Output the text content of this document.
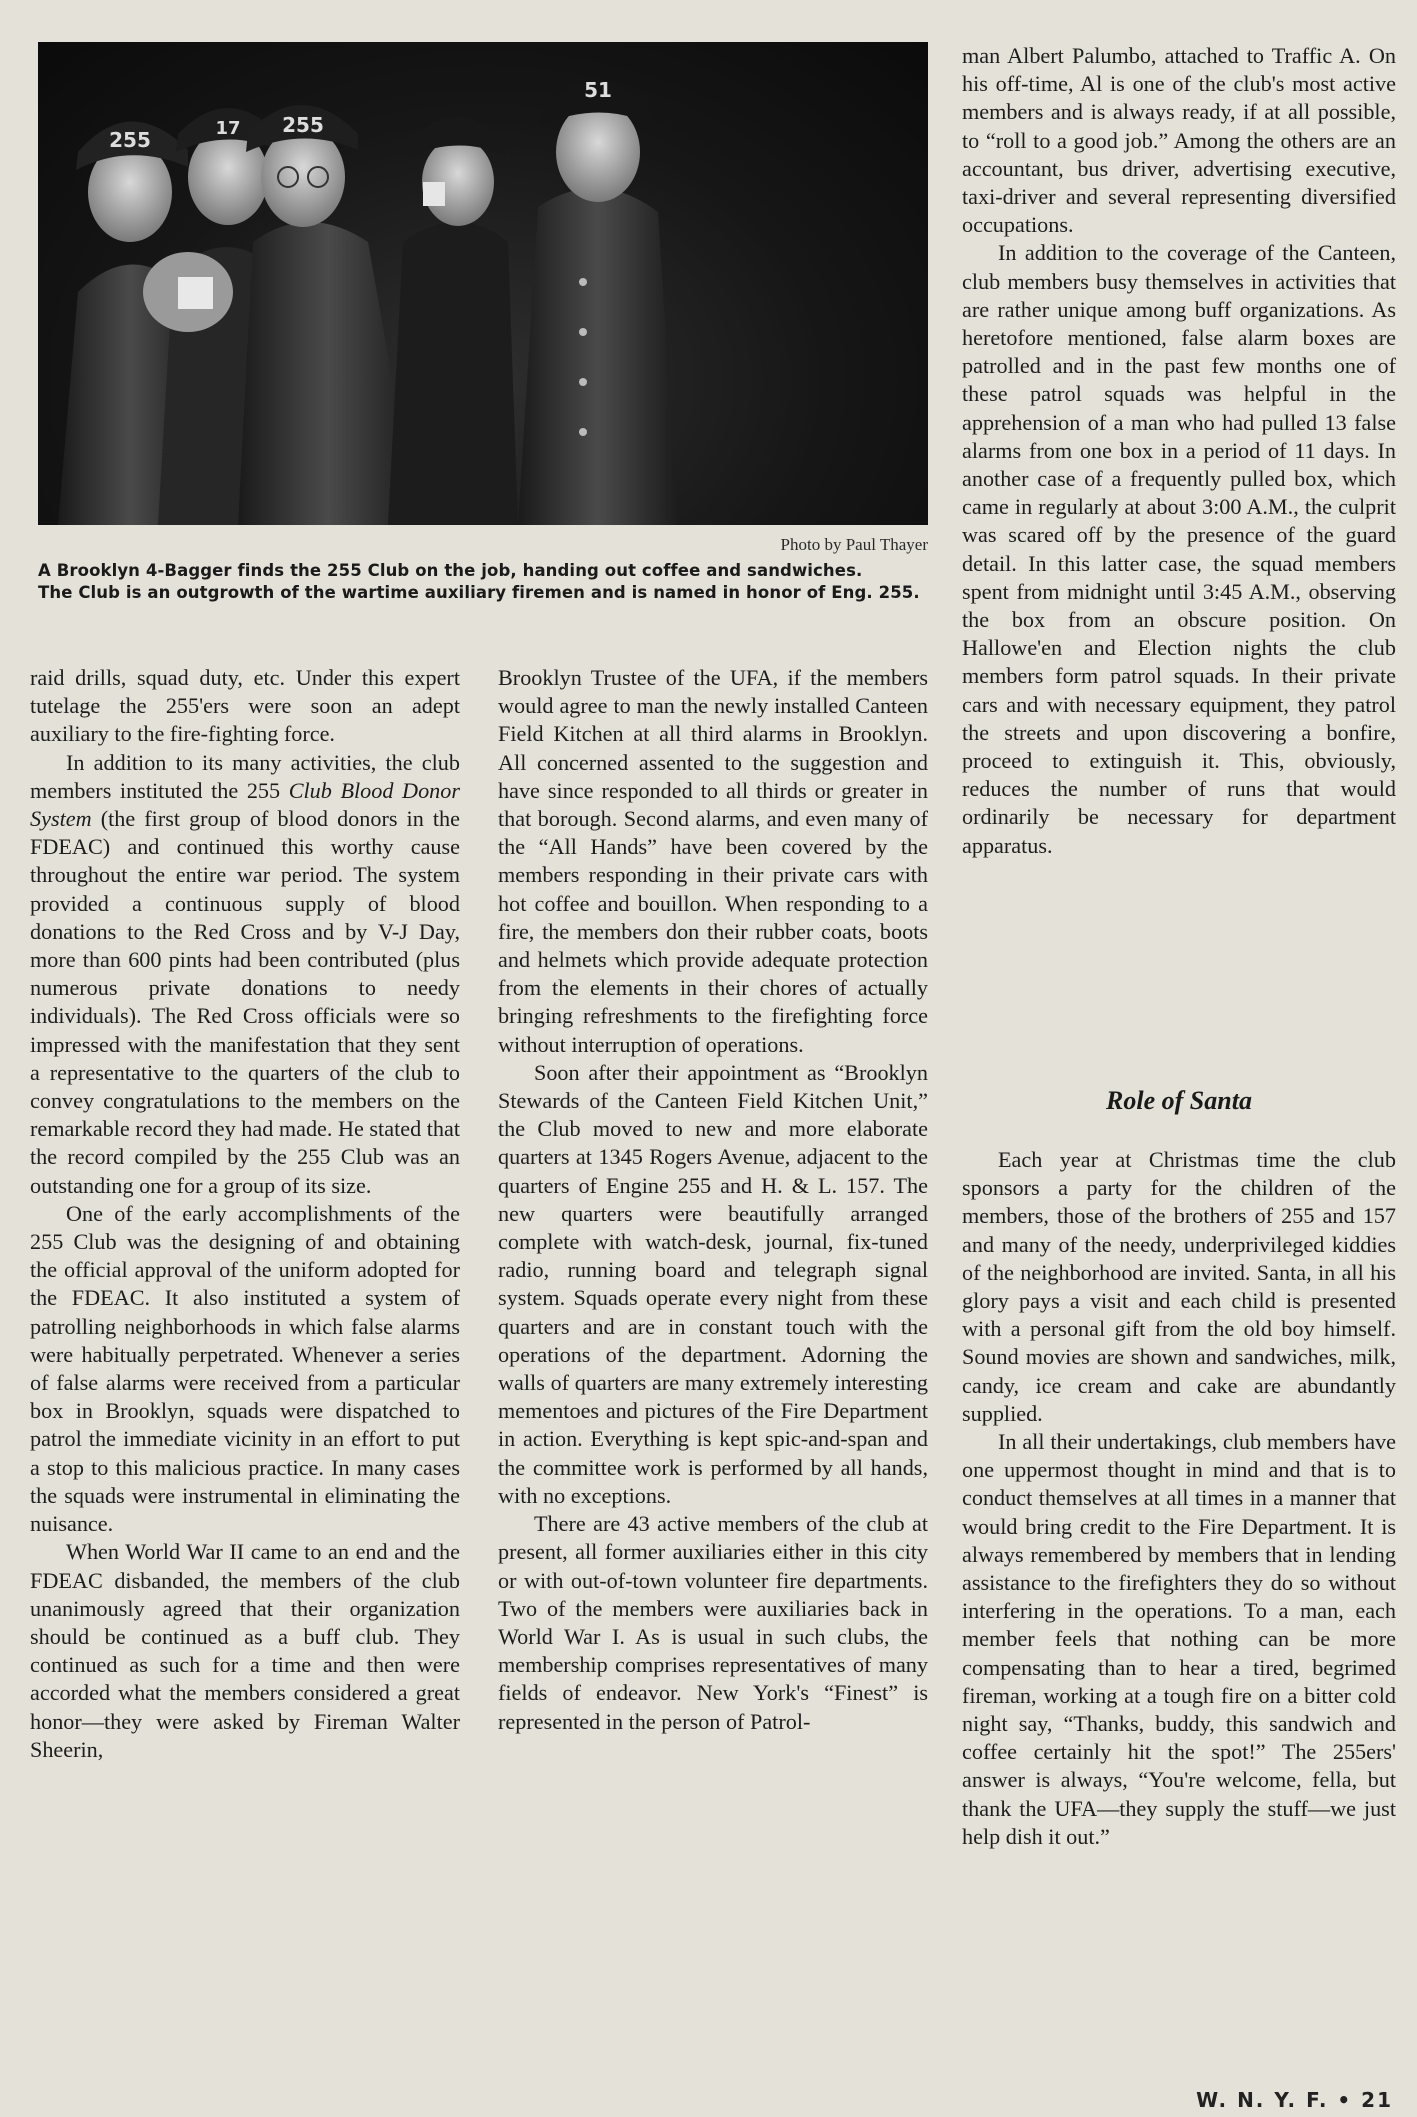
255	17 255
51
Photo by Paul Thayer
A Brooklyn 4-Bagger finds the 255 Club on the job, handing out coffee and sandwiches.
The Club is an outgrowth of the wartime auxiliary firemen and is named in honor of Eng. 255.

raid drills, squad duty, etc. Under this expert tutelage the 255'ers were soon an adept auxiliary to the fire-fighting force.

In addition to its many activities, the club members instituted the 255 Club Blood Donor System (the first group of blood donors in the FDEAC) and continued this worthy cause throughout the entire war period. The system provided a continuous supply of blood donations to the Red Cross and by V-J Day, more than 600 pints had been contributed (plus numerous private donations to needy individuals). The Red Cross officials were so impressed with the manifestation that they sent a representative to the quarters of the club to convey congratulations to the members on the remarkable record they had made. He stated that the record compiled by the 255 Club was an outstanding one for a group of its size.

One of the early accomplishments of the 255 Club was the designing of and obtaining the official approval of the uniform adopted for the FDEAC. It also instituted a system of patrolling neighborhoods in which false alarms were habitually perpetrated. Whenever a series of false alarms were received from a particular box in Brooklyn, squads were dispatched to patrol the immediate vicinity in an effort to put a stop to this malicious practice. In many cases the squads were instrumental in eliminating the nuisance.

When World War II came to an end and the FDEAC disbanded, the members of the club unanimously agreed that their organization should be continued as a buff club. They continued as such for a time and then were accorded what the members considered a great honor—they were asked by Fireman Walter Sheerin,

Brooklyn Trustee of the UFA, if the members would agree to man the newly installed Canteen Field Kitchen at all third alarms in Brooklyn. All concerned assented to the suggestion and have since responded to all thirds or greater in that borough. Second alarms, and even many of the “All Hands” have been covered by the members responding in their private cars with hot coffee and bouillon. When responding to a fire, the members don their rubber coats, boots and helmets which provide adequate protection from the elements in their chores of actually bringing refreshments to the firefighting force without interruption of operations.

Soon after their appointment as “Brooklyn Stewards of the Canteen Field Kitchen Unit,” the Club moved to new and more elaborate quarters at 1345 Rogers Avenue, adjacent to the quarters of Engine 255 and H. & L. 157. The new quarters were beautifully arranged complete with watch-desk, journal, fix-tuned radio, running board and telegraph signal system. Squads operate every night from these quarters and are in constant touch with the operations of the department. Adorning the walls of quarters are many extremely interesting mementoes and pictures of the Fire Department in action. Everything is kept spic-and-span and the committee work is performed by all hands, with no exceptions.

There are 43 active members of the club at present, all former auxiliaries either in this city or with out-of-town volunteer fire departments. Two of the members were auxiliaries back in World War I. As is usual in such clubs, the membership comprises representatives of many fields of endeavor. New York's “Finest” is represented in the person of Patrol-

man Albert Palumbo, attached to Traffic A. On his off-time, Al is one of the club's most active members and is always ready, if at all possible, to “roll to a good job.” Among the others are an accountant, bus driver, advertising executive, taxi-driver and several representing diversified occupations.

In addition to the coverage of the Canteen, club members busy themselves in activities that are rather unique among buff organizations. As heretofore mentioned, false alarm boxes are patrolled and in the past few months one of these patrol squads was helpful in the apprehension of a man who had pulled 13 false alarms from one box in a period of 11 days. In another case of a frequently pulled box, which came in regularly at about 3:00 A.M., the culprit was scared off by the presence of the guard detail. In this latter case, the squad members spent from midnight until 3:45 A.M., observing the box from an obscure position. On Hallowe'en and Election nights the club members form patrol squads. In their private cars and with necessary equipment, they patrol the streets and upon discovering a bonfire, proceed to extinguish it. This, obviously, reduces the number of runs that would ordinarily be necessary for department apparatus.

Role of Santa

Each year at Christmas time the club sponsors a party for the children of the members, those of the brothers of 255 and 157 and many of the needy, underprivileged kiddies of the neighborhood are invited. Santa, in all his glory pays a visit and each child is presented with a personal gift from the old boy himself. Sound movies are shown and sandwiches, milk, candy, ice cream and cake are abundantly supplied.

In all their undertakings, club members have one uppermost thought in mind and that is to conduct themselves at all times in a manner that would bring credit to the Fire Department. It is always remembered by members that in lending assistance to the firefighters they do so without interfering in the operations. To a man, each member feels that nothing can be more compensating than to hear a tired, begrimed fireman, working at a tough fire on a bitter cold night say, “Thanks, buddy, this sandwich and coffee certainly hit the spot!” The 255ers' answer is always, “You're welcome, fella, but thank the UFA—they supply the stuff—we just help dish it out.”

W. N. Y. F. • 21
